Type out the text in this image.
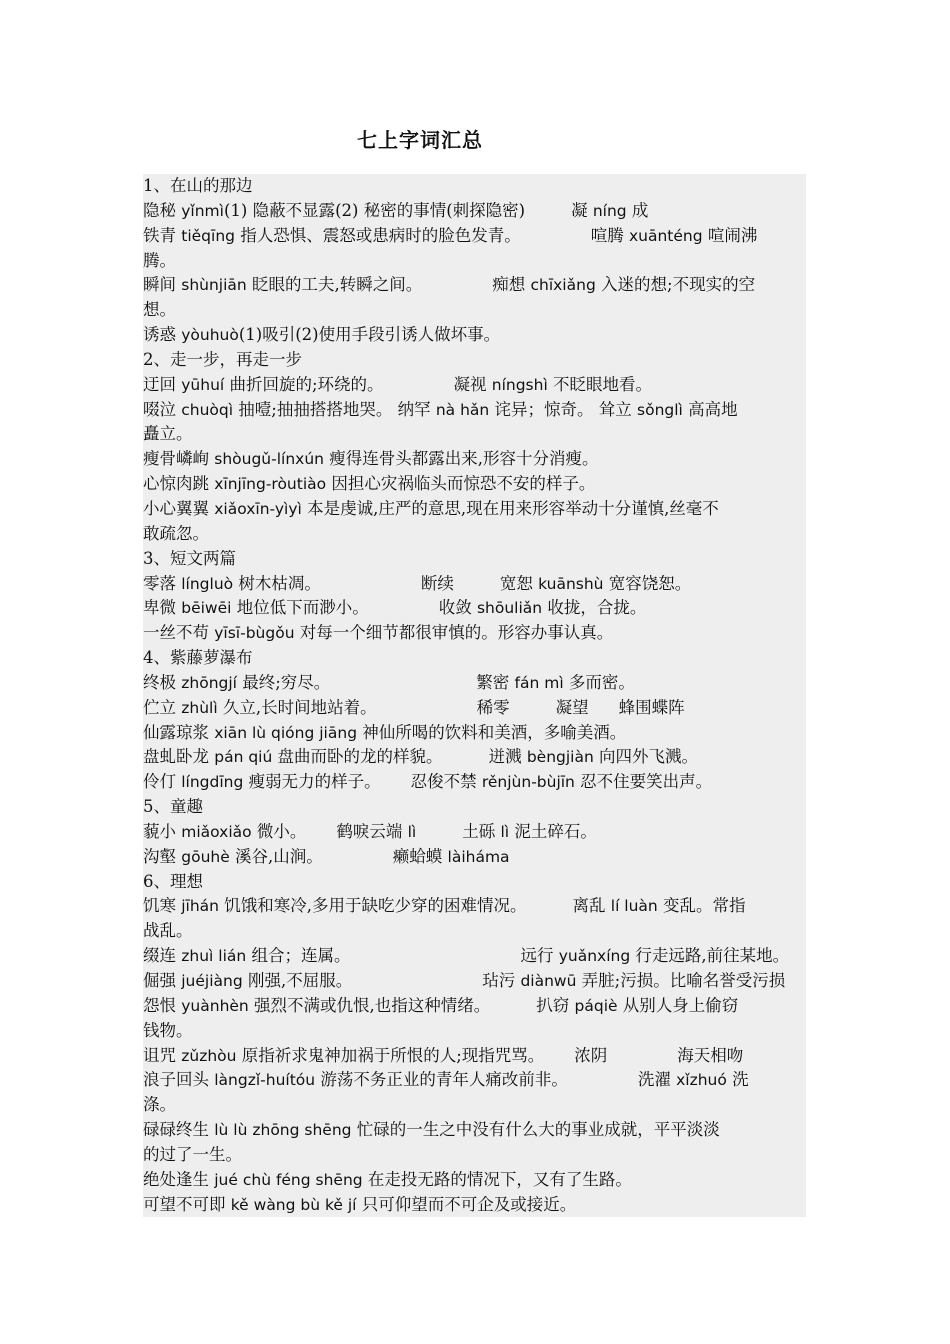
七上字词汇总
1、在山的那边
隐秘 yǐnmì(1) 隐蔽不显露(2) 秘密的事情(刺探隐密)	凝 níng 成
铁青 tiěqīng 指人恐惧、震怒或患病时的脸色发青。	喧腾 xuānténg 喧闹沸
腾。
瞬间 shùnjiān 眨眼的工夫,转瞬之间。	痴想 chīxiǎng 入迷的想;不现实的空
想。
诱惑 yòuhuò(1)吸引(2)使用手段引诱人做坏事。
2、走一步，再走一步
迂回 yūhuí 曲折回旋的;环绕的。	凝视 níngshì 不眨眼地看。
啜泣 chuòqì 抽噎;抽抽搭搭地哭。 纳罕 nà hǎn 诧异；惊奇。 耸立 sǒnglì 高高地
矗立。
瘦骨嶙峋 shòugǔ-línxún 瘦得连骨头都露出来,形容十分消瘦。
心惊肉跳 xīnjīng-ròutiào 因担心灾祸临头而惊恐不安的样子。
小心翼翼 xiǎoxīn-yìyì 本是虔诚,庄严的意思,现在用来形容举动十分谨慎,丝毫不
敢疏忽。
3、短文两篇
零落 língluò 树木枯凋。	断续	宽恕 kuānshù 宽容饶恕。
卑微 bēiwēi 地位低下而渺小。	收敛 shōuliǎn 收拢，合拢。
一丝不苟 yīsī-bùgǒu 对每一个细节都很审慎的。形容办事认真。
4、紫藤萝瀑布
终极 zhōngjí 最终;穷尽。	繁密 fán mì 多而密。
伫立 zhùlì 久立,长时间地站着。	稀零	凝望 蜂围蝶阵
仙露琼浆 xiān lù qióng jiāng 神仙所喝的饮料和美酒，多喻美酒。
盘虬卧龙 pán qiú 盘曲而卧的龙的样貌。	迸溅 bèngjiàn 向四外飞溅。
伶仃 língdīng 瘦弱无力的样子。 忍俊不禁 rěnjùn-bùjīn 忍不住要笑出声。
5、童趣
藐小 miǎoxiǎo 微小。 鹤唳云端 lì	土砾 lì 泥土碎石。
沟壑 gōuhè 溪谷,山涧。	癞蛤蟆 làiháma
6、理想
饥寒 jīhán 饥饿和寒冷,多用于缺吃少穿的困难情况。	离乱 lí luàn 变乱。常指
战乱。
缀连 zhuì lián 组合；连属。	远行 yuǎnxíng 行走远路,前往某地。
倔强 juéjiàng 刚强,不屈服。	玷污 diànwū 弄脏;污损。比喻名誉受污损
怨恨 yuànhèn 强烈不满或仇恨,也指这种情绪。	扒窃 páqiè 从别人身上偷窃
钱物。
诅咒 zǔzhòu 原指祈求鬼神加祸于所恨的人;现指咒骂。 浓阴	海天相吻
浪子回头 làngzǐ-huítóu 游荡不务正业的青年人痛改前非。	洗濯 xǐzhuó 洗
涤。
碌碌终生 lù lù zhōng shēng 忙碌的一生之中没有什么大的事业成就，平平淡淡
的过了一生。
绝处逢生 jué chù féng shēng 在走投无路的情况下，又有了生路。
可望不可即 kě wàng bù kě jí 只可仰望而不可企及或接近。
